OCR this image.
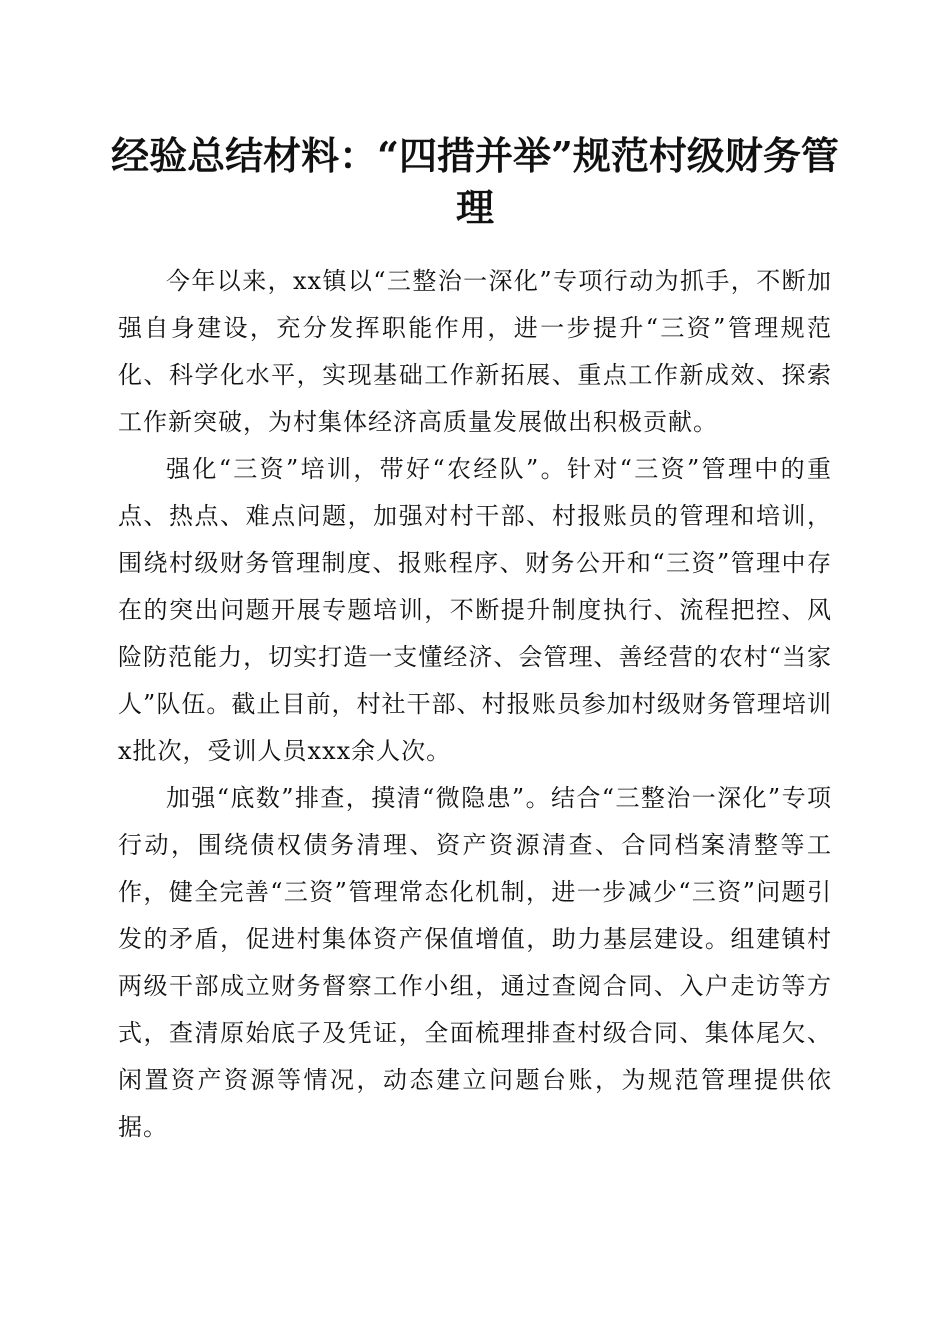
经验总结材料：“四措并举”规范村级财务管理

今年以来，xx镇以“三整治一深化”专项行动为抓手，不断加强自身建设，充分发挥职能作用，进一步提升“三资”管理规范化、科学化水平，实现基础工作新拓展、重点工作新成效、探索工作新突破，为村集体经济高质量发展做出积极贡献。

强化“三资”培训，带好“农经队”。针对“三资”管理中的重点、热点、难点问题，加强对村干部、村报账员的管理和培训，围绕村级财务管理制度、报账程序、财务公开和“三资”管理中存在的突出问题开展专题培训，不断提升制度执行、流程把控、风险防范能力，切实打造一支懂经济、会管理、善经营的农村“当家人”队伍。截止目前，村社干部、村报账员参加村级财务管理培训x批次，受训人员xxx余人次。

加强“底数”排查，摸清“微隐患”。结合“三整治一深化”专项行动，围绕债权债务清理、资产资源清查、合同档案清整等工作，健全完善“三资”管理常态化机制，进一步减少“三资”问题引发的矛盾，促进村集体资产保值增值，助力基层建设。组建镇村两级干部成立财务督察工作小组，通过查阅合同、入户走访等方式，查清原始底子及凭证，全面梳理排查村级合同、集体尾欠、闲置资产资源等情况，动态建立问题台账，为规范管理提供依据。
